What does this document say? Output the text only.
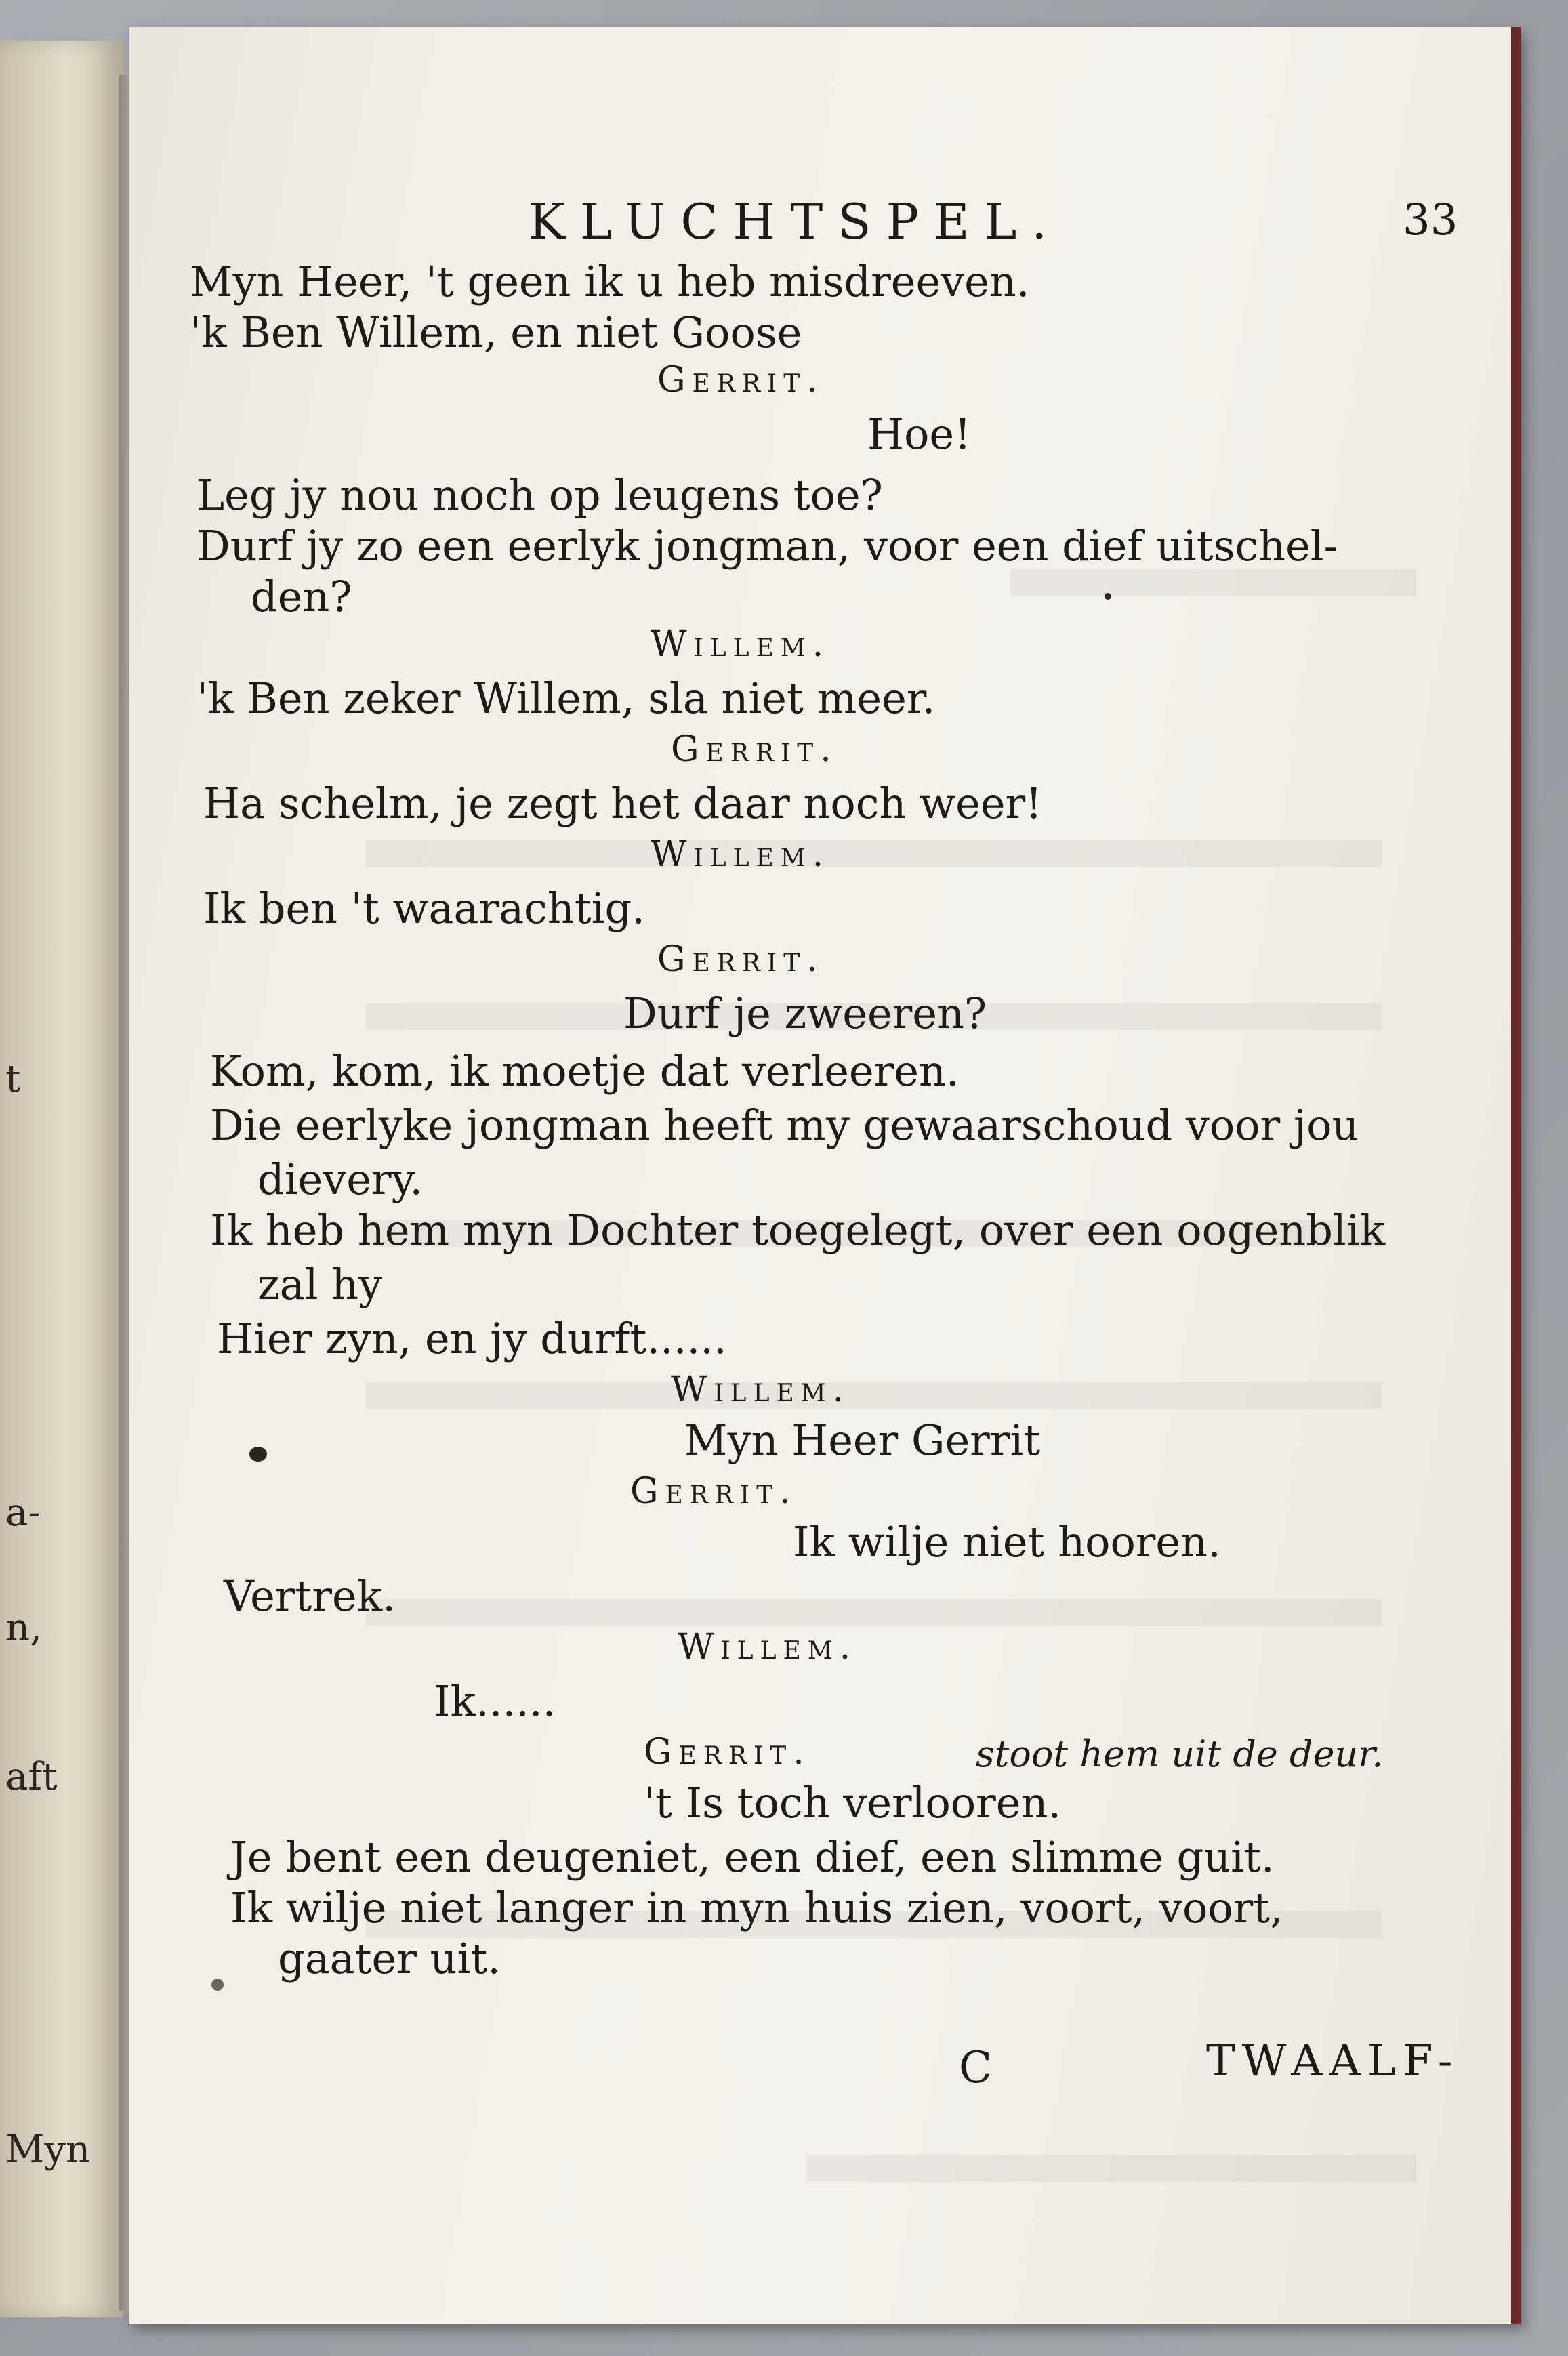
t
a-
n,
aft
Myn
KLUCHTSPEL.	33
Myn Heer, 't geen ik u heb misdreeven.
'k Ben Willem, en niet Goose
Gerrit.
Hoe!
Leg jy nou noch op leugens toe?
Durf jy zo een eerlyk jongman, voor een dief uitschel-
den?
Willem.
'k Ben zeker Willem, sla niet meer.
Gerrit.
Ha schelm, je zegt het daar noch weer!
Willem.
Ik ben 't waarachtig.
Gerrit.
Durf je zweeren?
Kom, kom, ik moetje dat verleeren.
Die eerlyke jongman heeft my gewaarschoud voor jou
dievery.
Ik heb hem myn Dochter toegelegt, over een oogenblik
zal hy
Hier zyn, en jy durft......
Willem.
Myn Heer Gerrit
Gerrit.
Ik wilje niet hooren.
Vertrek.
Willem.
Ik......
Gerrit.	stoot hem uit de deur.
't Is toch verlooren.
Je bent een deugeniet, een dief, een slimme guit.
Ik wilje niet langer in myn huis zien, voort, voort,
gaater uit.
C	TWAALF-
